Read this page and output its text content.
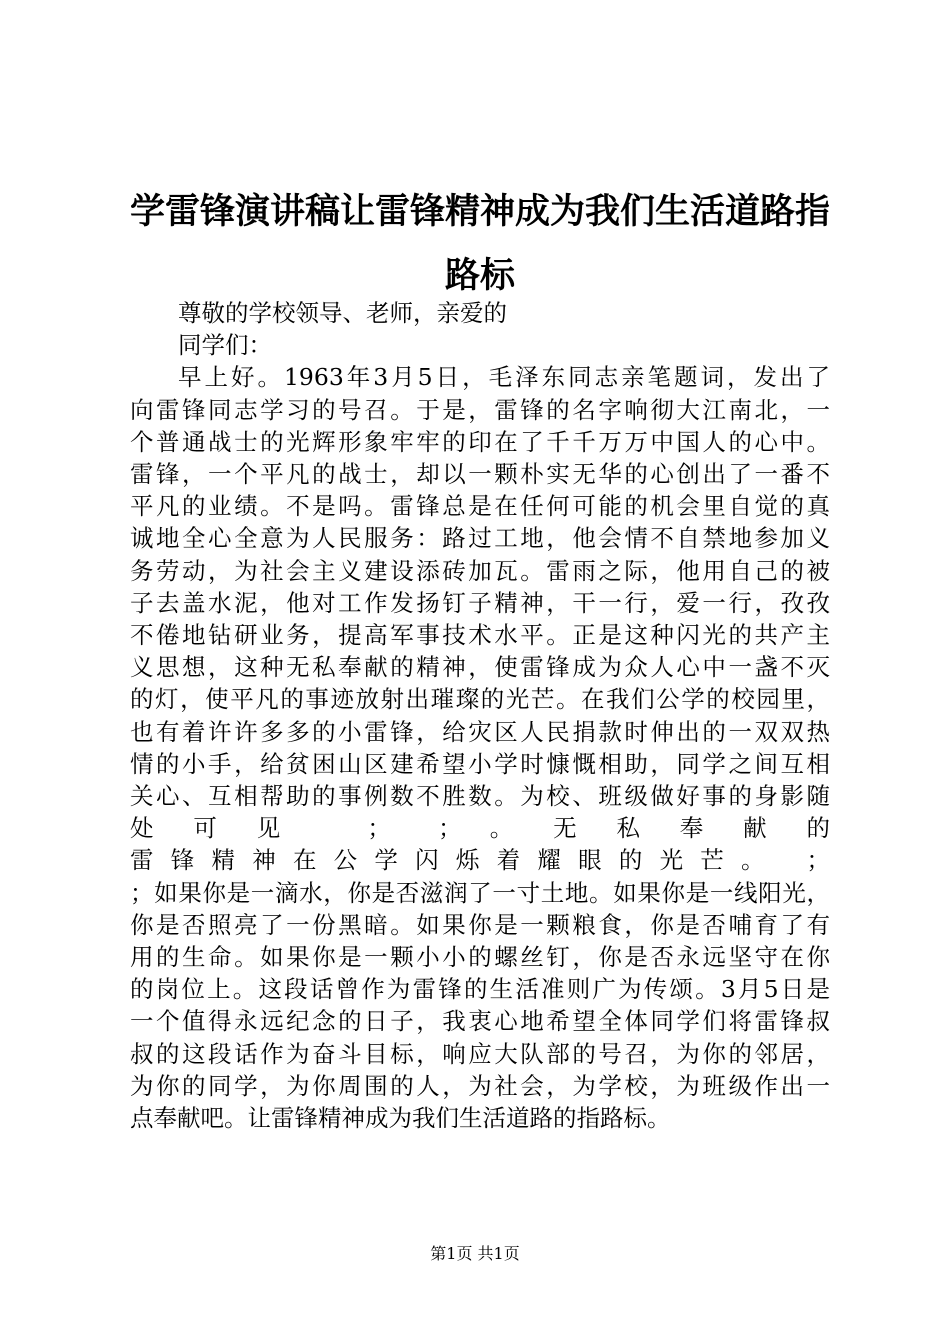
学雷锋演讲稿让雷锋精神成为我们生活道路指
路标
尊敬的学校领导、老师，亲爱的
同学们：
早上好。1963年3月5日，毛泽东同志亲笔题词，发出了
向雷锋同志学习的号召。于是，雷锋的名字响彻大江南北，一
个普通战士的光辉形象牢牢的印在了千千万万中国人的心中。
雷锋，一个平凡的战士，却以一颗朴实无华的心创出了一番不
平凡的业绩。不是吗。雷锋总是在任何可能的机会里自觉的真
诚地全心全意为人民服务：路过工地，他会情不自禁地参加义
务劳动，为社会主义建设添砖加瓦。雷雨之际，他用自己的被
子去盖水泥，他对工作发扬钉子精神，干一行，爱一行，孜孜
不倦地钻研业务，提高军事技术水平。正是这种闪光的共产主
义思想，这种无私奉献的精神，使雷锋成为众人心中一盏不灭
的灯，使平凡的事迹放射出璀璨的光芒。在我们公学的校园里，
也有着许许多多的小雷锋，给灾区人民捐款时伸出的一双双热
情的小手，给贫困山区建希望小学时慷慨相助，同学之间互相
关心、互相帮助的事例数不胜数。为校、班级做好事的身影随
处可见 ； ；。无私奉献的
雷锋精神在公学闪烁着耀眼的光芒。 ；
；如果你是一滴水，你是否滋润了一寸土地。如果你是一线阳光，
你是否照亮了一份黑暗。如果你是一颗粮食，你是否哺育了有
用的生命。如果你是一颗小小的螺丝钉，你是否永远坚守在你
的岗位上。这段话曾作为雷锋的生活准则广为传颂。3月5日是
一个值得永远纪念的日子，我衷心地希望全体同学们将雷锋叔
叔的这段话作为奋斗目标，响应大队部的号召，为你的邻居，
为你的同学，为你周围的人，为社会，为学校，为班级作出一
点奉献吧。让雷锋精神成为我们生活道路的指路标。
第1页 共1页
